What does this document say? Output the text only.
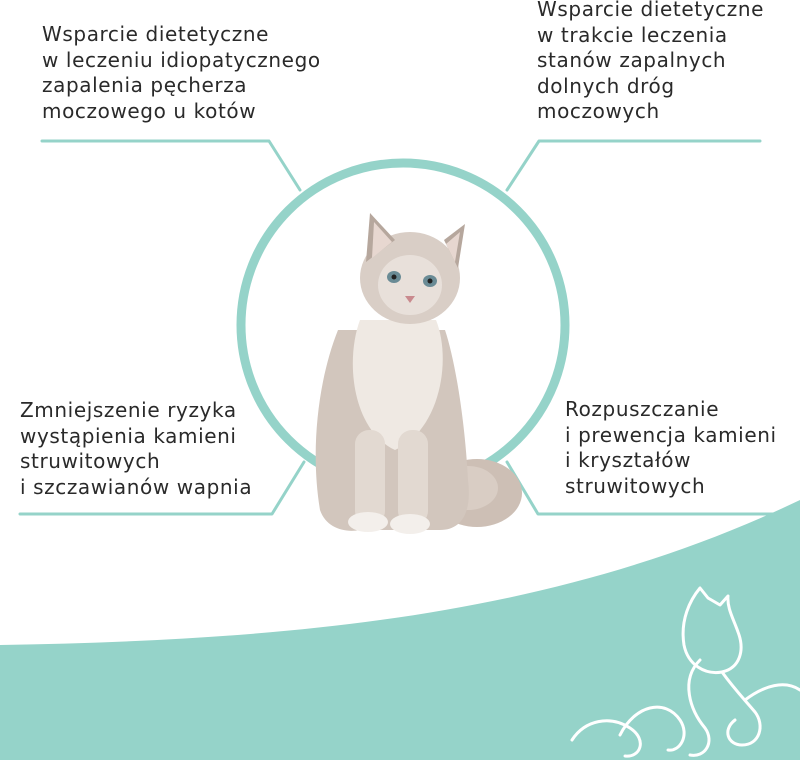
Wsparcie dietetyczne
w leczeniu idiopatycznego
zapalenia pęcherza
moczowego u kotów
Wsparcie dietetyczne
w trakcie leczenia
stanów zapalnych
dolnych dróg
moczowych
Zmniejszenie ryzyka
wystąpienia kamieni
struwitowych
i szczawianów wapnia
Rozpuszczanie
i prewencja kamieni
i kryształów
struwitowych
